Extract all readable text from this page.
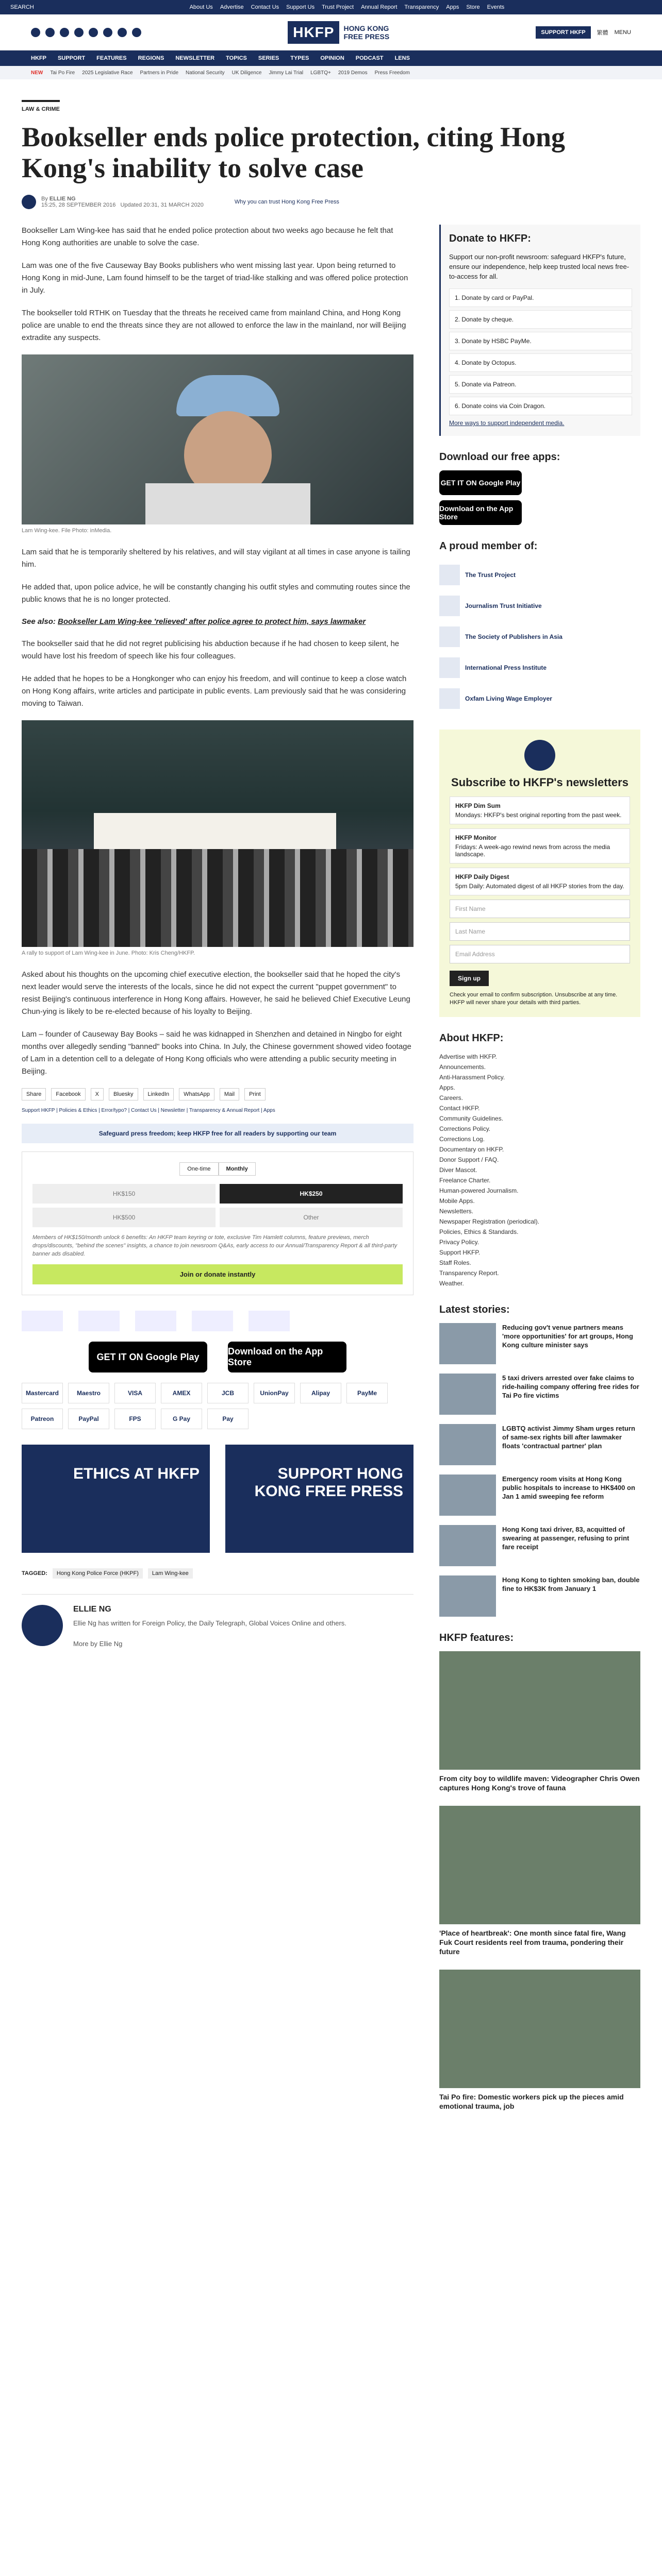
SEARCH	About Us Advertise Contact Us Support Us Trust Project Annual Report Transparency Apps Store Events
HKFP	HONG KONG
FREE PRESS	SUPPORT HKFP	繁體 MENU
HKFP SUPPORT FEATURES REGIONS NEWSLETTER TOPICS SERIES TYPES OPINION PODCAST LENS
NEW Tai Po Fire 2025 Legislative Race Partners in Pride National Security UK Diligence Jimmy Lai Trial LGBTQ+ 2019 Demos Press Freedom
LAW & CRIME
Bookseller ends police protection, citing Hong Kong's inability to solve case
By ELLIE NG
15:25, 28 SEPTEMBER 2016 Updated 20:31, 31 MARCH 2020	Why you can trust Hong Kong Free Press

Bookseller Lam Wing-kee has said that he ended police protection about two weeks ago because he felt that Hong Kong authorities are unable to solve the case.

Lam was one of the five Causeway Bay Books publishers who went missing last year. Upon being returned to Hong Kong in mid-June, Lam found himself to be the target of triad-like stalking and was offered police protection in July.

The bookseller told RTHK on Tuesday that the threats he received came from mainland China, and Hong Kong police are unable to end the threats since they are not allowed to enforce the law in the mainland, nor will Beijing extradite any suspects.

Lam Wing-kee. File Photo: inMedia.

Lam said that he is temporarily sheltered by his relatives, and will stay vigilant at all times in case anyone is tailing him.

He added that, upon police advice, he will be constantly changing his outfit styles and commuting routes since the public knows that he is no longer protected.

See also: Bookseller Lam Wing-kee 'relieved' after police agree to protect him, says lawmaker

The bookseller said that he did not regret publicising his abduction because if he had chosen to keep silent, he would have lost his freedom of speech like his four colleagues.

He added that he hopes to be a Hongkonger who can enjoy his freedom, and will continue to keep a close watch on Hong Kong affairs, write articles and participate in public events. Lam previously said that he was considering moving to Taiwan.

A rally to support of Lam Wing-kee in June. Photo: Kris Cheng/HKFP.

Asked about his thoughts on the upcoming chief executive election, the bookseller said that he hoped the city's next leader would serve the interests of the locals, since he did not expect the current "puppet government" to resist Beijing's continuous interference in Hong Kong affairs. However, he said he believed Chief Executive Leung Chun-ying is likely to be re-elected because of his loyalty to Beijing.

Lam – founder of Causeway Bay Books – said he was kidnapped in Shenzhen and detained in Ningbo for eight months over allegedly sending "banned" books into China. In July, the Chinese government showed video footage of Lam in a detention cell to a delegate of Hong Kong officials who were attending a public security meeting in Beijing.

Share	Facebook	X	Bluesky	LinkedIn	WhatsApp	Mail	Print
Support HKFP | Policies & Ethics | Error/typo? | Contact Us | Newsletter | Transparency & Annual Report | Apps
Safeguard press freedom; keep HKFP free for all readers by supporting our team
One-time	Monthly
HK$150	HK$250
HK$500	Other
Members of HK$150/month unlock 6 benefits: An HKFP team keyring or tote, exclusive Tim Hamlett columns, feature previews, merch drops/discounts, "behind the scenes" insights, a chance to join newsroom Q&As, early access to our Annual/Transparency Report & all third-party banner ads disabled.
Join or donate instantly
GET IT ON Google Play
Download on the App Store
Mastercard	Maestro	VISA	AMEX	JCB	UnionPay	Alipay	PayMe
Patreon	PayPal	FPS	G Pay	Pay
ETHICS AT HKFP	SUPPORT HONG KONG FREE PRESS
TAGGED:	Hong Kong Police Force (HKPF)	Lam Wing-kee
ELLIE NG

Ellie Ng has written for Foreign Policy, the Daily Telegraph, Global Voices Online and others.

More by Ellie Ng

Donate to HKFP:

Support our non-profit newsroom: safeguard HKFP's future, ensure our independence, help keep trusted local news free-to-access for all.

1. Donate by card or PayPal.
2. Donate by cheque.
3. Donate by HSBC PayMe.
4. Donate by Octopus.
5. Donate via Patreon.
6. Donate coins via Coin Dragon.
More ways to support independent media.
Download our free apps:
GET IT ON Google Play
Download on the App Store
A proud member of:
The Trust Project
Journalism Trust Initiative
The Society of Publishers in Asia
International Press Institute
Oxfam Living Wage Employer
Subscribe to HKFP's newsletters
HKFP Dim Sum
Mondays: HKFP's best original reporting from the past week.
HKFP Monitor
Fridays: A week-ago rewind news from across the media landscape.
HKFP Daily Digest
5pm Daily: Automated digest of all HKFP stories from the day.
First Name
Last Name
Email Address
Sign up
Check your email to confirm subscription. Unsubscribe at any time. HKFP will never share your details with third parties.
About HKFP:
Advertise with HKFP.
Announcements.
Anti-Harassment Policy.
Apps.
Careers.
Contact HKFP.
Community Guidelines.
Corrections Policy.
Corrections Log.
Documentary on HKFP.
Donor Support / FAQ.
Diver Mascot.
Freelance Charter.
Human-powered Journalism.
Mobile Apps.
Newsletters.
Newspaper Registration (periodical).
Policies, Ethics & Standards.
Privacy Policy.
Support HKFP.
Staff Roles.
Transparency Report.
Weather.
Latest stories:
Reducing gov't venue partners means 'more opportunities' for art groups, Hong Kong culture minister says
5 taxi drivers arrested over fake claims to ride-hailing company offering free rides for Tai Po fire victims
LGBTQ activist Jimmy Sham urges return of same-sex rights bill after lawmaker floats 'contractual partner' plan
Emergency room visits at Hong Kong public hospitals to increase to HK$400 on Jan 1 amid sweeping fee reform
Hong Kong taxi driver, 83, acquitted of swearing at passenger, refusing to print fare receipt
Hong Kong to tighten smoking ban, double fine to HK$3K from January 1
HKFP features:
From city boy to wildlife maven: Videographer Chris Owen captures Hong Kong's trove of fauna
'Place of heartbreak': One month since fatal fire, Wang Fuk Court residents reel from trauma, pondering their future
Tai Po fire: Domestic workers pick up the pieces amid emotional trauma, job
